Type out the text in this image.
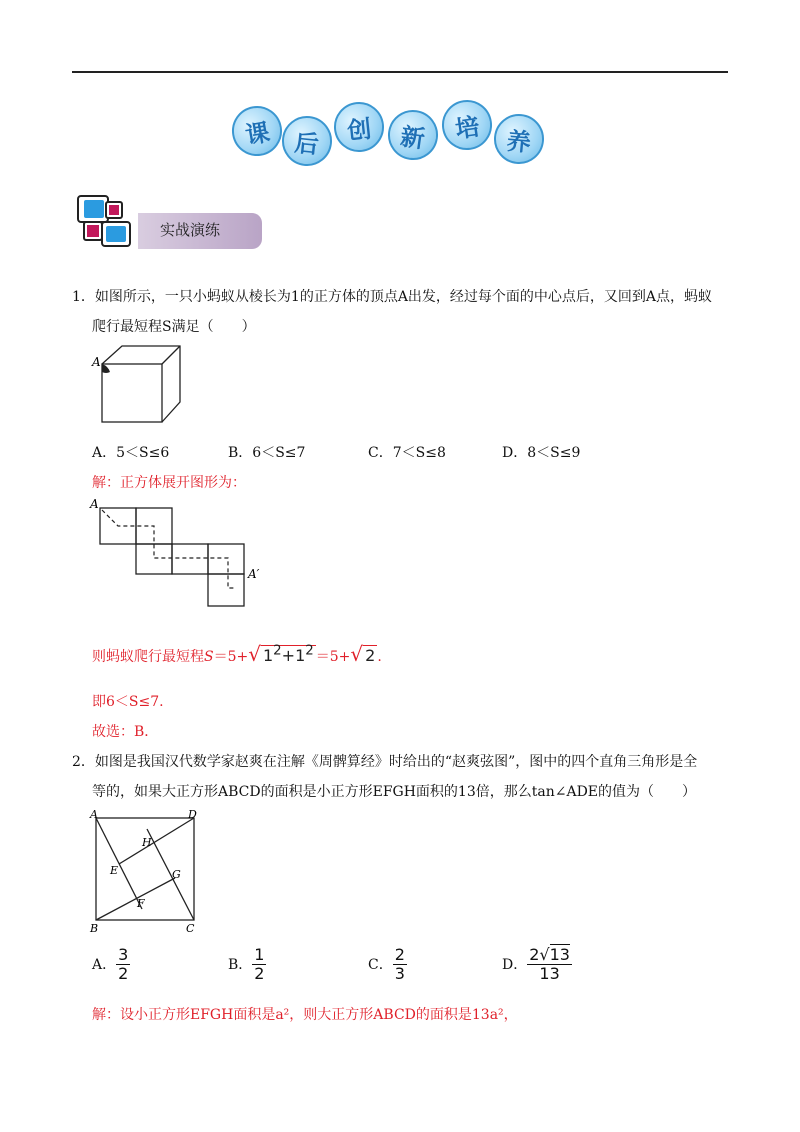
课 后 创 新 培 养
实战演练
1．如图所示，一只小蚂蚁从棱长为1的正方体的顶点A出发，经过每个面的中心点后，又回到A点，蚂蚁
爬行最短程S满足（　　）
A
A．5＜S≤6	B．6＜S≤7	C．7＜S≤8	D．8＜S≤9
解：正方体展开图形为：
A
A′
则蚂蚁爬行最短程S＝5+√ $1^2+1^2 =5+√$ 2 .
即6＜S≤7.
故选：B．
2．如图是我国汉代数学家赵爽在注解《周髀算经》时给出的“赵爽弦图”，图中的四个直角三角形是全
等的，如果大正方形ABCD的面积是小正方形EFGH面积的13倍，那么tan∠ADE的值为（　　）
A	D
B	C
H
E	G
F
A． $\frac{3}{2}$	B． $\frac{1}{2}$	C． $\frac{2}{3}$	D． $\frac{2√13}{13}$
解：设小正方形EFGH面积是a²，则大正方形ABCD的面积是13a²，
